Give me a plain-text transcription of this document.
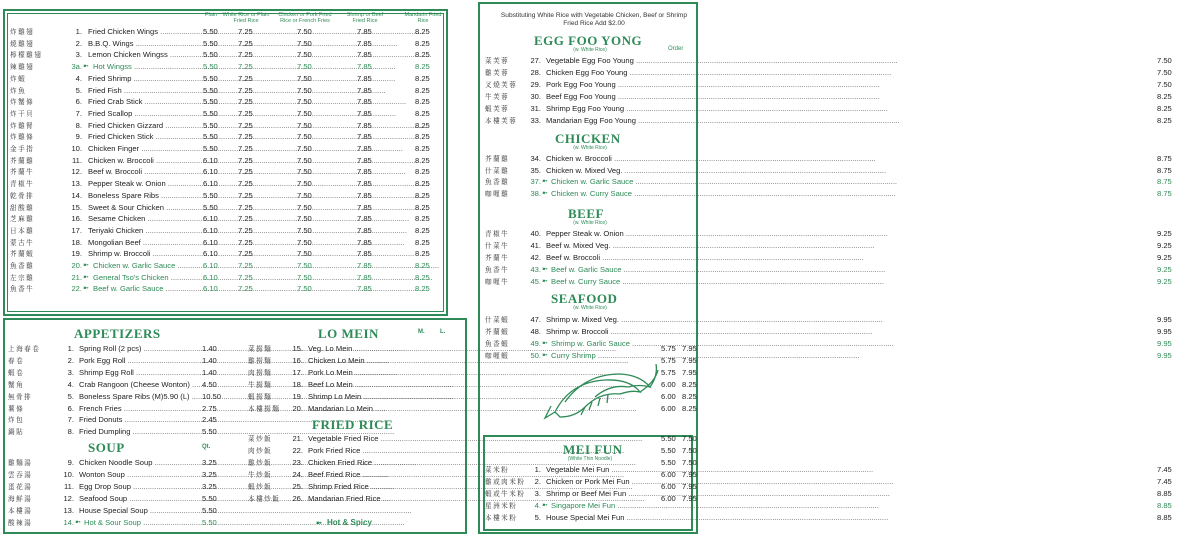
Plain	White Rice or Plain Fried Rice
Chicken or Pork Fried Rice or French Fries
Shrimp or Beef Fried Rice
Mandarin Fried Rice
炸雞翅	1. Fried Chicken Wings .....	5.50	7.25	7.50	7.85	8.25
燒雞翅	2. B.B.Q. Wings .....	5.50	7.25	7.50	7.85	8.25
檸檬雞翅	3. Lemon Chicken Wingss .....	5.50	7.25	7.50	7.85	8.25
辣雞翅	3a. ➼ Hot Wingss .....	5.50	7.25	7.50	7.85	8.25
炸蝦	4. Fried Shrimp .....	5.50	7.25	7.50	7.85	8.25
炸魚	5. Fried Fish .....	5.50	7.25	7.50	7.85	8.25
炸蟹條	6. Fried Crab Stick .....	5.50	7.25	7.50	7.85	8.25
炸干貝	7. Fried Scallop .....	5.50	7.25	7.50	7.85	8.25
炸雞腎	8. Fried Chicken Gizzard .....	5.50	7.25	7.50	7.85	8.25
炸雞條	9. Fried Chicken Stick .....	5.50	7.25	7.50	7.85	8.25
金手指	10. Chicken Finger .....	5.50	7.25	7.50	7.85	8.25
芥蘭雞	11. Chicken w. Broccoli .....	6.10	7.25	7.50	7.85	8.25
芥蘭牛	12. Beef w. Broccoli .....	6.10	7.25	7.50	7.85	8.25
青椒牛	13. Pepper Steak w. Onion .....	6.10	7.25	7.50	7.85	8.25
乾骨排	14. Boneless Spare Ribs .....	5.50	7.25	7.50	7.85	8.25
甜酸雞	15. Sweet & Sour Chicken .....	5.50	7.25	7.50	7.85	8.25
芝麻雞	16. Sesame Chicken .....	6.10	7.25	7.50	7.85	8.25
日本雞	17. Teriyaki Chicken .....	6.10	7.25	7.50	7.85	8.25
蒙古牛	18. Mongolian Beef .....	6.10	7.25	7.50	7.85	8.25
芥蘭蝦	19. Shrimp w. Broccoli .....	6.10	7.25	7.50	7.85	8.25
魚香雞	20. ➼ Chicken w. Garlic Sauce .....	6.10	7.25	7.50	7.85	8.25
左宗雞	21. ➼ General Tso's Chicken .....	6.10	7.25	7.50	7.85	8.25
魚香牛	22. ➼ Beef w. Garlic Sauce .....	6.10	7.25	7.50	7.85	8.25
APPETIZERS
上海春卷	1. Spring Roll (2 pcs) .....	1.40
春卷	2. Pork Egg Roll .....	1.40
蝦卷	3. Shrimp Egg Roll .....	1.40
蟹角	4. Crab Rangoon (Cheese Wonton) .....	4.50
無骨排	5. Boneless Spare Ribs (M)5.90 (L) .....	10.50
薯條	6. French Fries .....	2.75
炸包	7. Fried Donuts .....	2.45
鍋貼	8. Fried Dumpling .....	5.50
SOUP	Qt.
雞麵湯	9. Chicken Noodle Soup .....	3.25
雲吞湯	10. Wonton Soup .....	3.25
蛋花湯	11. Egg Drop Soup .....	3.25
海鮮湯	12. Seafood Soup .....	5.50
本樓湯	13. House Special Soup .....	5.50
酸辣湯	14. ➼ Hot & Sour Soup .....	5.50
LO MEIN	M.	L.
菜撈麵	15. Veg. Lo Mein .....	5.75 7.95
雞撈麵	16. Chicken Lo Mein .....	5.75 7.95
肉撈麵	17. Pork Lo Mein .....	5.75 7.95
牛撈麵	18. Beef Lo Mein .....	6.00 8.25
蝦撈麵	19. Shrimp Lo Mein .....	6.00 8.25
本樓撈麵	20. Mandarian Lo Mein .....	6.00 8.25
FRIED RICE
菜炒飯	21. Vegetable Fried Rice .....	5.50 7.50
肉炒飯	22. Pork Fried Rice .....	5.50 7.50
雞炒飯	23. Chicken Fried Rice .....	5.50 7.50
牛炒飯	24. Beef Fried Rice .....	6.00 7.95
蝦炒飯	25. Shrimp Fried Rice .....	6.00 7.95
本樓炒飯	26. Mandarian Fried Rice .....	6.00 7.95
➼ Hot & Spicy
Substituting White Rice with Vegetable Chicken, Beef or Shrimp Fried Rice Add $2.00
EGG FOO YONG
(w. White Rice)	Order
菜芙蓉	27. Vegetable Egg Foo Young .....	7.50
雞芙蓉	28. Chicken Egg Foo Young .....	7.50
叉燒芙蓉	29. Pork Egg Foo Young .....	7.50
牛芙蓉	30. Beef Egg Foo Young .....	8.25
蝦芙蓉	31. Shrimp Egg Foo Young .....	8.25
本樓芙蓉	33. Mandarian Egg Foo Young .....	8.25
CHICKEN
(w. White Rice)
芥蘭雞	34. Chicken w. Broccoli .....	8.75
什菜雞	35. Chicken w. Mixed Veg. .....	8.75
魚香雞	37. ➼ Chicken w. Garlic Sauce .....	8.75
咖喱雞	38. ➼ Chicken w. Curry Sauce .....	8.75
BEEF
(w. White Rice)
青椒牛	40. Pepper Steak w. Onion .....	9.25
什菜牛	41. Beef w. Mixed Veg. .....	9.25
芥蘭牛	42. Beef w. Broccoli .....	9.25
魚香牛	43. ➼ Beef w. Garlic Sauce .....	9.25
咖喱牛	45. ➼ Beef w. Curry Sauce .....	9.25
SEAFOOD
(w. White Rice)
什菜蝦	47. Shrimp w. Mixed Veg. .....	9.95
芥蘭蝦	48. Shrimp w. Broccoli .....	9.95
魚香蝦	49. ➼ Shrimp w. Garlic Sauce .....	9.95
咖喱蝦	50. ➼ Curry Shrimp .....	9.95
MEI FUN
(White Thin Noodle)
菜米粉	1. Vegetable Mei Fun .....	7.45
雞或肉米粉	2. Chicken or Pork Mei Fun .....	7.45
蝦或牛米粉	3. Shrimp or Beef Mei Fun .....	8.85
星洲米粉	4. ➼ Singapore Mei Fun .....	8.85
本樓米粉	5. House Special Mei Fun .....	8.85
